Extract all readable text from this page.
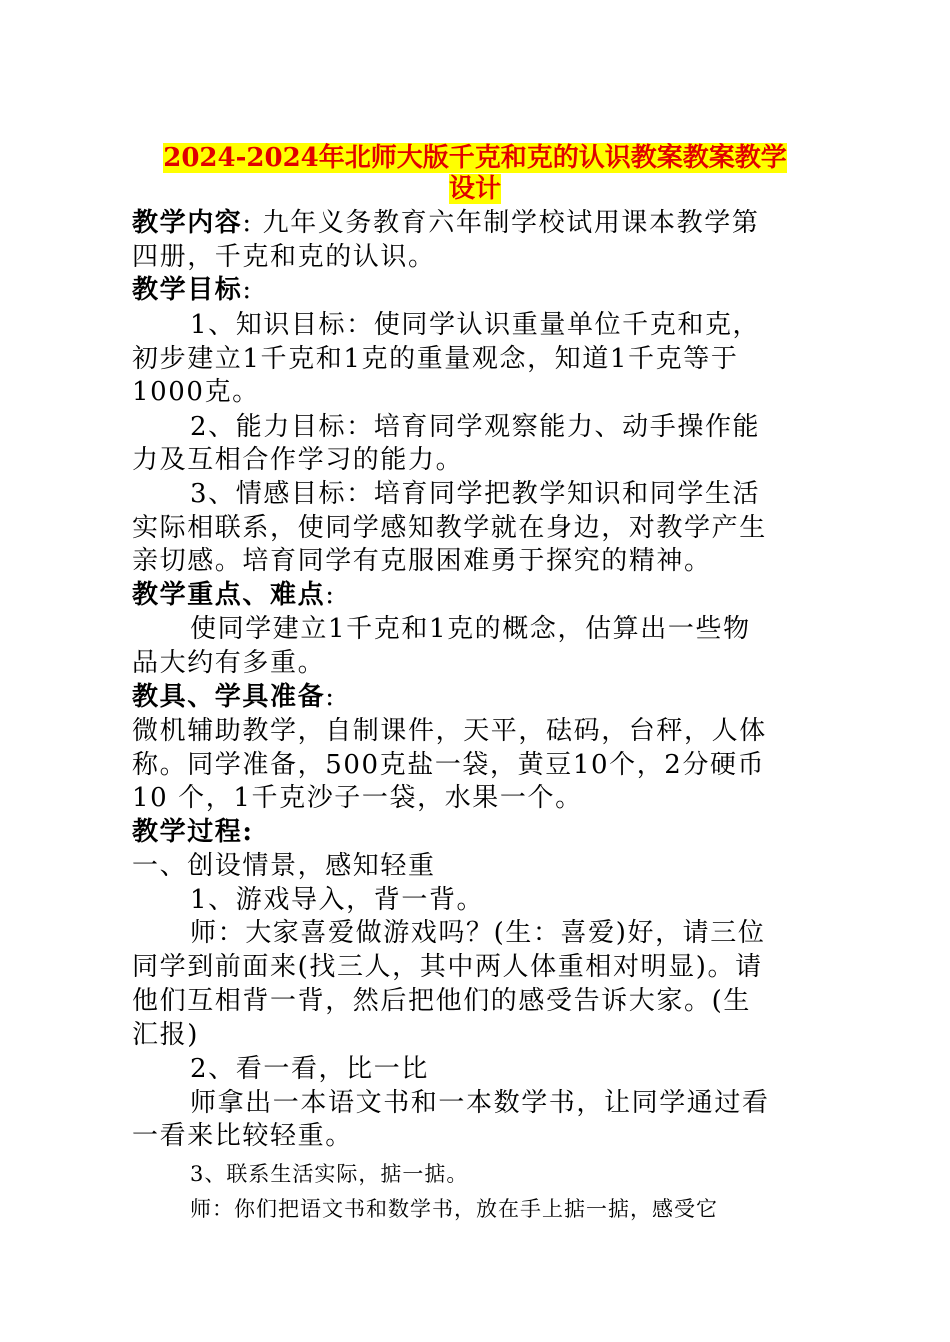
2024-2024年北师大版千克和克的认识教案教案教学
设计
教学内容: 九年义务教育六年制学校试用课本教学第
四册，千克和克的认识。
教学目标:
1、知识目标：使同学认识重量单位千克和克，
初步建立1千克和1克的重量观念，知道1千克等于
1000克。
2、能力目标：培育同学观察能力、动手操作能
力及互相合作学习的能力。
3、情感目标：培育同学把教学知识和同学生活
实际相联系，使同学感知教学就在身边，对教学产生
亲切感。培育同学有克服困难勇于探究的精神。
教学重点、难点:
使同学建立1千克和1克的概念，估算出一些物
品大约有多重。
教具、学具准备:
微机辅助教学，自制课件，天平，砝码，台秤，人体
称。同学准备，500克盐一袋，黄豆10个，2分硬币
10 个，1千克沙子一袋，水果一个。
教学过程:
一、创设情景，感知轻重
1、游戏导入，背一背。
师：大家喜爱做游戏吗？(生：喜爱)好，请三位
同学到前面来(找三人，其中两人体重相对明显)。请
他们互相背一背，然后把他们的感受告诉大家。(生
汇报)
2、看一看，比一比
师拿出一本语文书和一本数学书，让同学通过看
一看来比较轻重。
3、联系生活实际，掂一掂。
师：你们把语文书和数学书，放在手上掂一掂，感受它
